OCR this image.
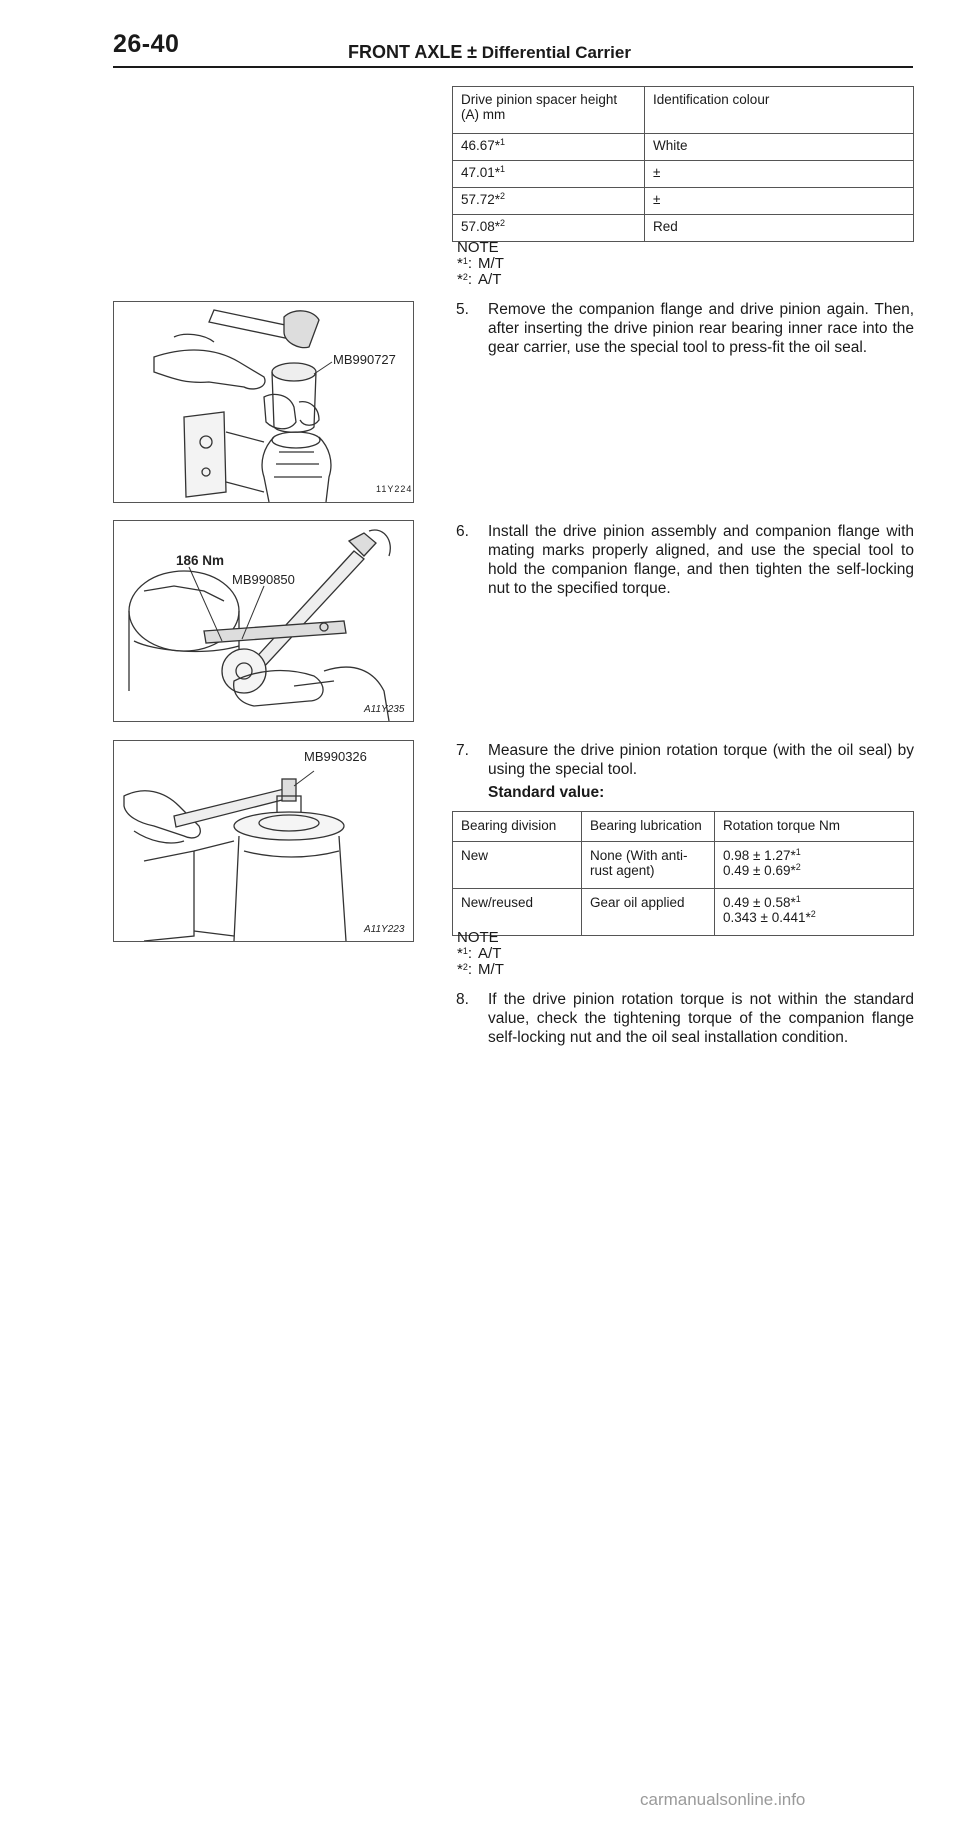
26-40	FRONT AXLE ± Differential Carrier
Drive pinion spacer height (A) mm	Identification colour
46.67*$^1$	White
47.01*$^1$	±
57.72*$^2$	±
57.08*$^2$	Red
NOTE
*$^1$: M/T
*$^2$: A/T
5.	Remove the companion flange and drive pinion again. Then, after inserting the drive pinion rear bearing inner race into the gear carrier, use the special tool to press-fit the oil seal.
6.	Install the drive pinion assembly and companion flange with mating marks properly aligned, and use the special tool to hold the companion flange, and then tighten the self-locking nut to the specified torque.
7.	Measure the drive pinion rotation torque (with the oil seal) by using the special tool.
Standard value:
Bearing division	Bearing lubrication	Rotation torque Nm
New	None (With anti-rust agent)	0.98 ± 1.27*$^1$
0.49 ± 0.69*$^2$

New/reused	Gear oil applied	0.49 ± 0.58*$^1$
0.343 ± 0.441*$^2$
NOTE
*$^1$: A/T
*$^2$: M/T
8.	If the drive pinion rotation torque is not within the standard value, check the tightening torque of the companion flange self-locking nut and the oil seal installation condition.
MB990727
11Y224
186 Nm
MB990850
A11Y235
MB990326
A11Y223
carmanualsonline.info
